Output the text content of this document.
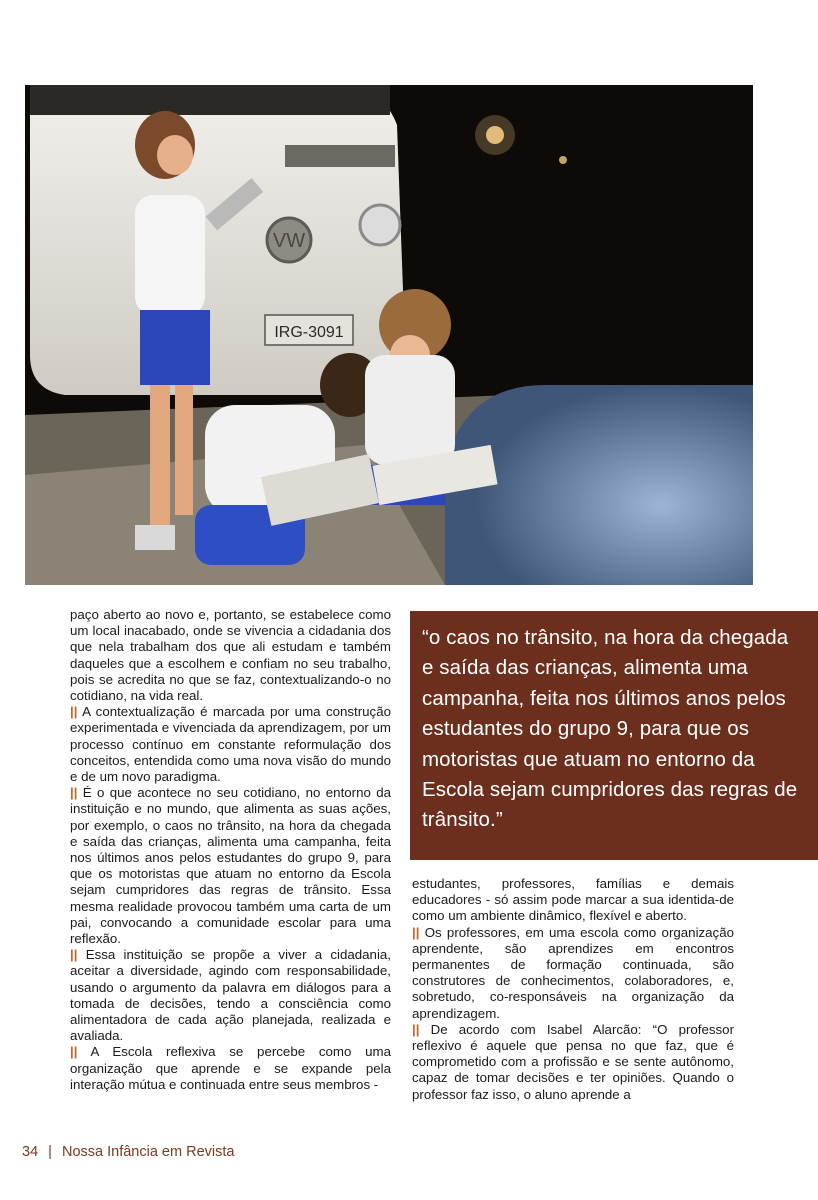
VW
IRG-3091

paço aberto ao novo e, portanto, se estabelece como um local inacabado, onde se vivencia a cidadania dos que nela trabalham dos que ali estudam e também daqueles que a escolhem e confiam no seu trabalho, pois se acredita no que se faz, contextualizando-o no cotidiano, na vida real.

|| A contextualização é marcada por uma construção experimentada e vivenciada da aprendizagem, por um processo contínuo em constante reformulação dos conceitos, entendida como uma nova visão do mundo e de um novo paradigma.

|| É o que acontece no seu cotidiano, no entorno da instituição e no mundo, que alimenta as suas ações, por exemplo, o caos no trânsito, na hora da chegada e saída das crianças, alimenta uma campanha, feita nos últimos anos pelos estudantes do grupo 9, para que os motoristas que atuam no entorno da Escola sejam cumpridores das regras de trânsito. Essa mesma realidade provocou também uma carta de um pai, convocando a comunidade escolar para uma reflexão.

|| Essa instituição se propõe a viver a cidadania, aceitar a diversidade, agindo com responsabilidade, usando o argumento da palavra em diálogos para a tomada de decisões, tendo a consciência como alimentadora de cada ação planejada, realizada e avaliada.

|| A Escola reflexiva se percebe como uma organização que aprende e se expande pela interação mútua e continuada entre seus membros -

“o caos no trânsito, na hora da chegada e saída das crianças, alimenta uma campanha, feita nos últimos anos pelos estudantes do grupo 9, para que os motoristas que atuam no entorno da Escola sejam cumpridores das regras de trânsito.”

estudantes, professores, famílias e demais educadores - só assim pode marcar a sua identida-de como um ambiente dinâmico, flexível e aberto.

|| Os professores, em uma escola como organização aprendente, são aprendizes em encontros permanentes de formação continuada, são construtores de conhecimentos, colaboradores, e, sobretudo, co-responsáveis na organização da aprendizagem.

|| De acordo com Isabel Alarcão: “O professor reflexivo é aquele que pensa no que faz, que é comprometido com a profissão e se sente autônomo, capaz de tomar decisões e ter opiniões. Quando o professor faz isso, o aluno aprende a

34 | Nossa Infância em Revista
